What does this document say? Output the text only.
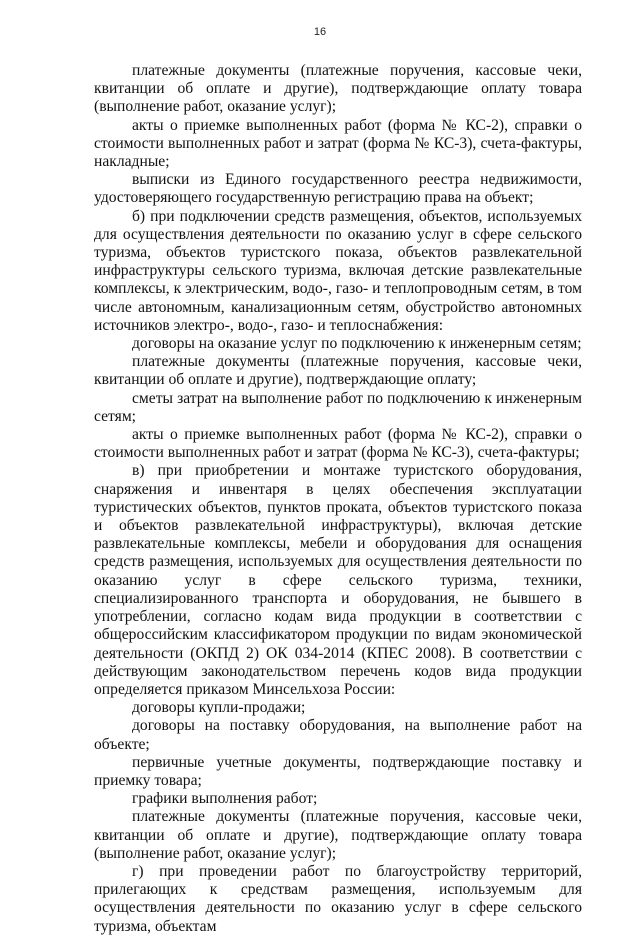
16

платежные документы (платежные поручения, кассовые чеки, квитанции об оплате и другие), подтверждающие оплату товара (выполнение работ, оказание услуг);

акты о приемке выполненных работ (форма № КС-2), справки о стоимости выполненных работ и затрат (форма № КС-3), счета-фактуры, накладные;

выписки из Единого государственного реестра недвижимости, удостоверяющего государственную регистрацию права на объект;

б) при подключении средств размещения, объектов, используемых для осуществления деятельности по оказанию услуг в сфере сельского туризма, объектов туристского показа, объектов развлекательной инфраструктуры сельского туризма, включая детские развлекательные комплексы, к электрическим, водо-, газо- и теплопроводным сетям, в том числе автономным, канализационным сетям, обустройство автономных источников электро-, водо-, газо- и теплоснабжения:

договоры на оказание услуг по подключению к инженерным сетям;

платежные документы (платежные поручения, кассовые чеки, квитанции об оплате и другие), подтверждающие оплату;

сметы затрат на выполнение работ по подключению к инженерным сетям;

акты о приемке выполненных работ (форма № КС-2), справки о стоимости выполненных работ и затрат (форма № КС-3), счета-фактуры;

в) при приобретении и монтаже туристского оборудования, снаряжения и инвентаря в целях обеспечения эксплуатации туристических объектов, пунктов проката, объектов туристского показа и объектов развлекательной инфраструктуры), включая детские развлекательные комплексы, мебели и оборудования для оснащения средств размещения, используемых для осуществления деятельности по оказанию услуг в сфере сельского туризма, техники, специализированного транспорта и оборудования, не бывшего в употреблении, согласно кодам вида продукции в соответствии с общероссийским классификатором продукции по видам экономической деятельности (ОКПД 2) ОК 034-2014 (КПЕС 2008). В соответствии с действующим законодательством перечень кодов вида продукции определяется приказом Минсельхоза России:

договоры купли-продажи;

договоры на поставку оборудования, на выполнение работ на объекте;

первичные учетные документы, подтверждающие поставку и приемку товара;

графики выполнения работ;

платежные документы (платежные поручения, кассовые чеки, квитанции об оплате и другие), подтверждающие оплату товара (выполнение работ, оказание услуг);

г) при проведении работ по благоустройству территорий, прилегающих к средствам размещения, используемым для осуществления деятельности по оказанию услуг в сфере сельского туризма, объектам
